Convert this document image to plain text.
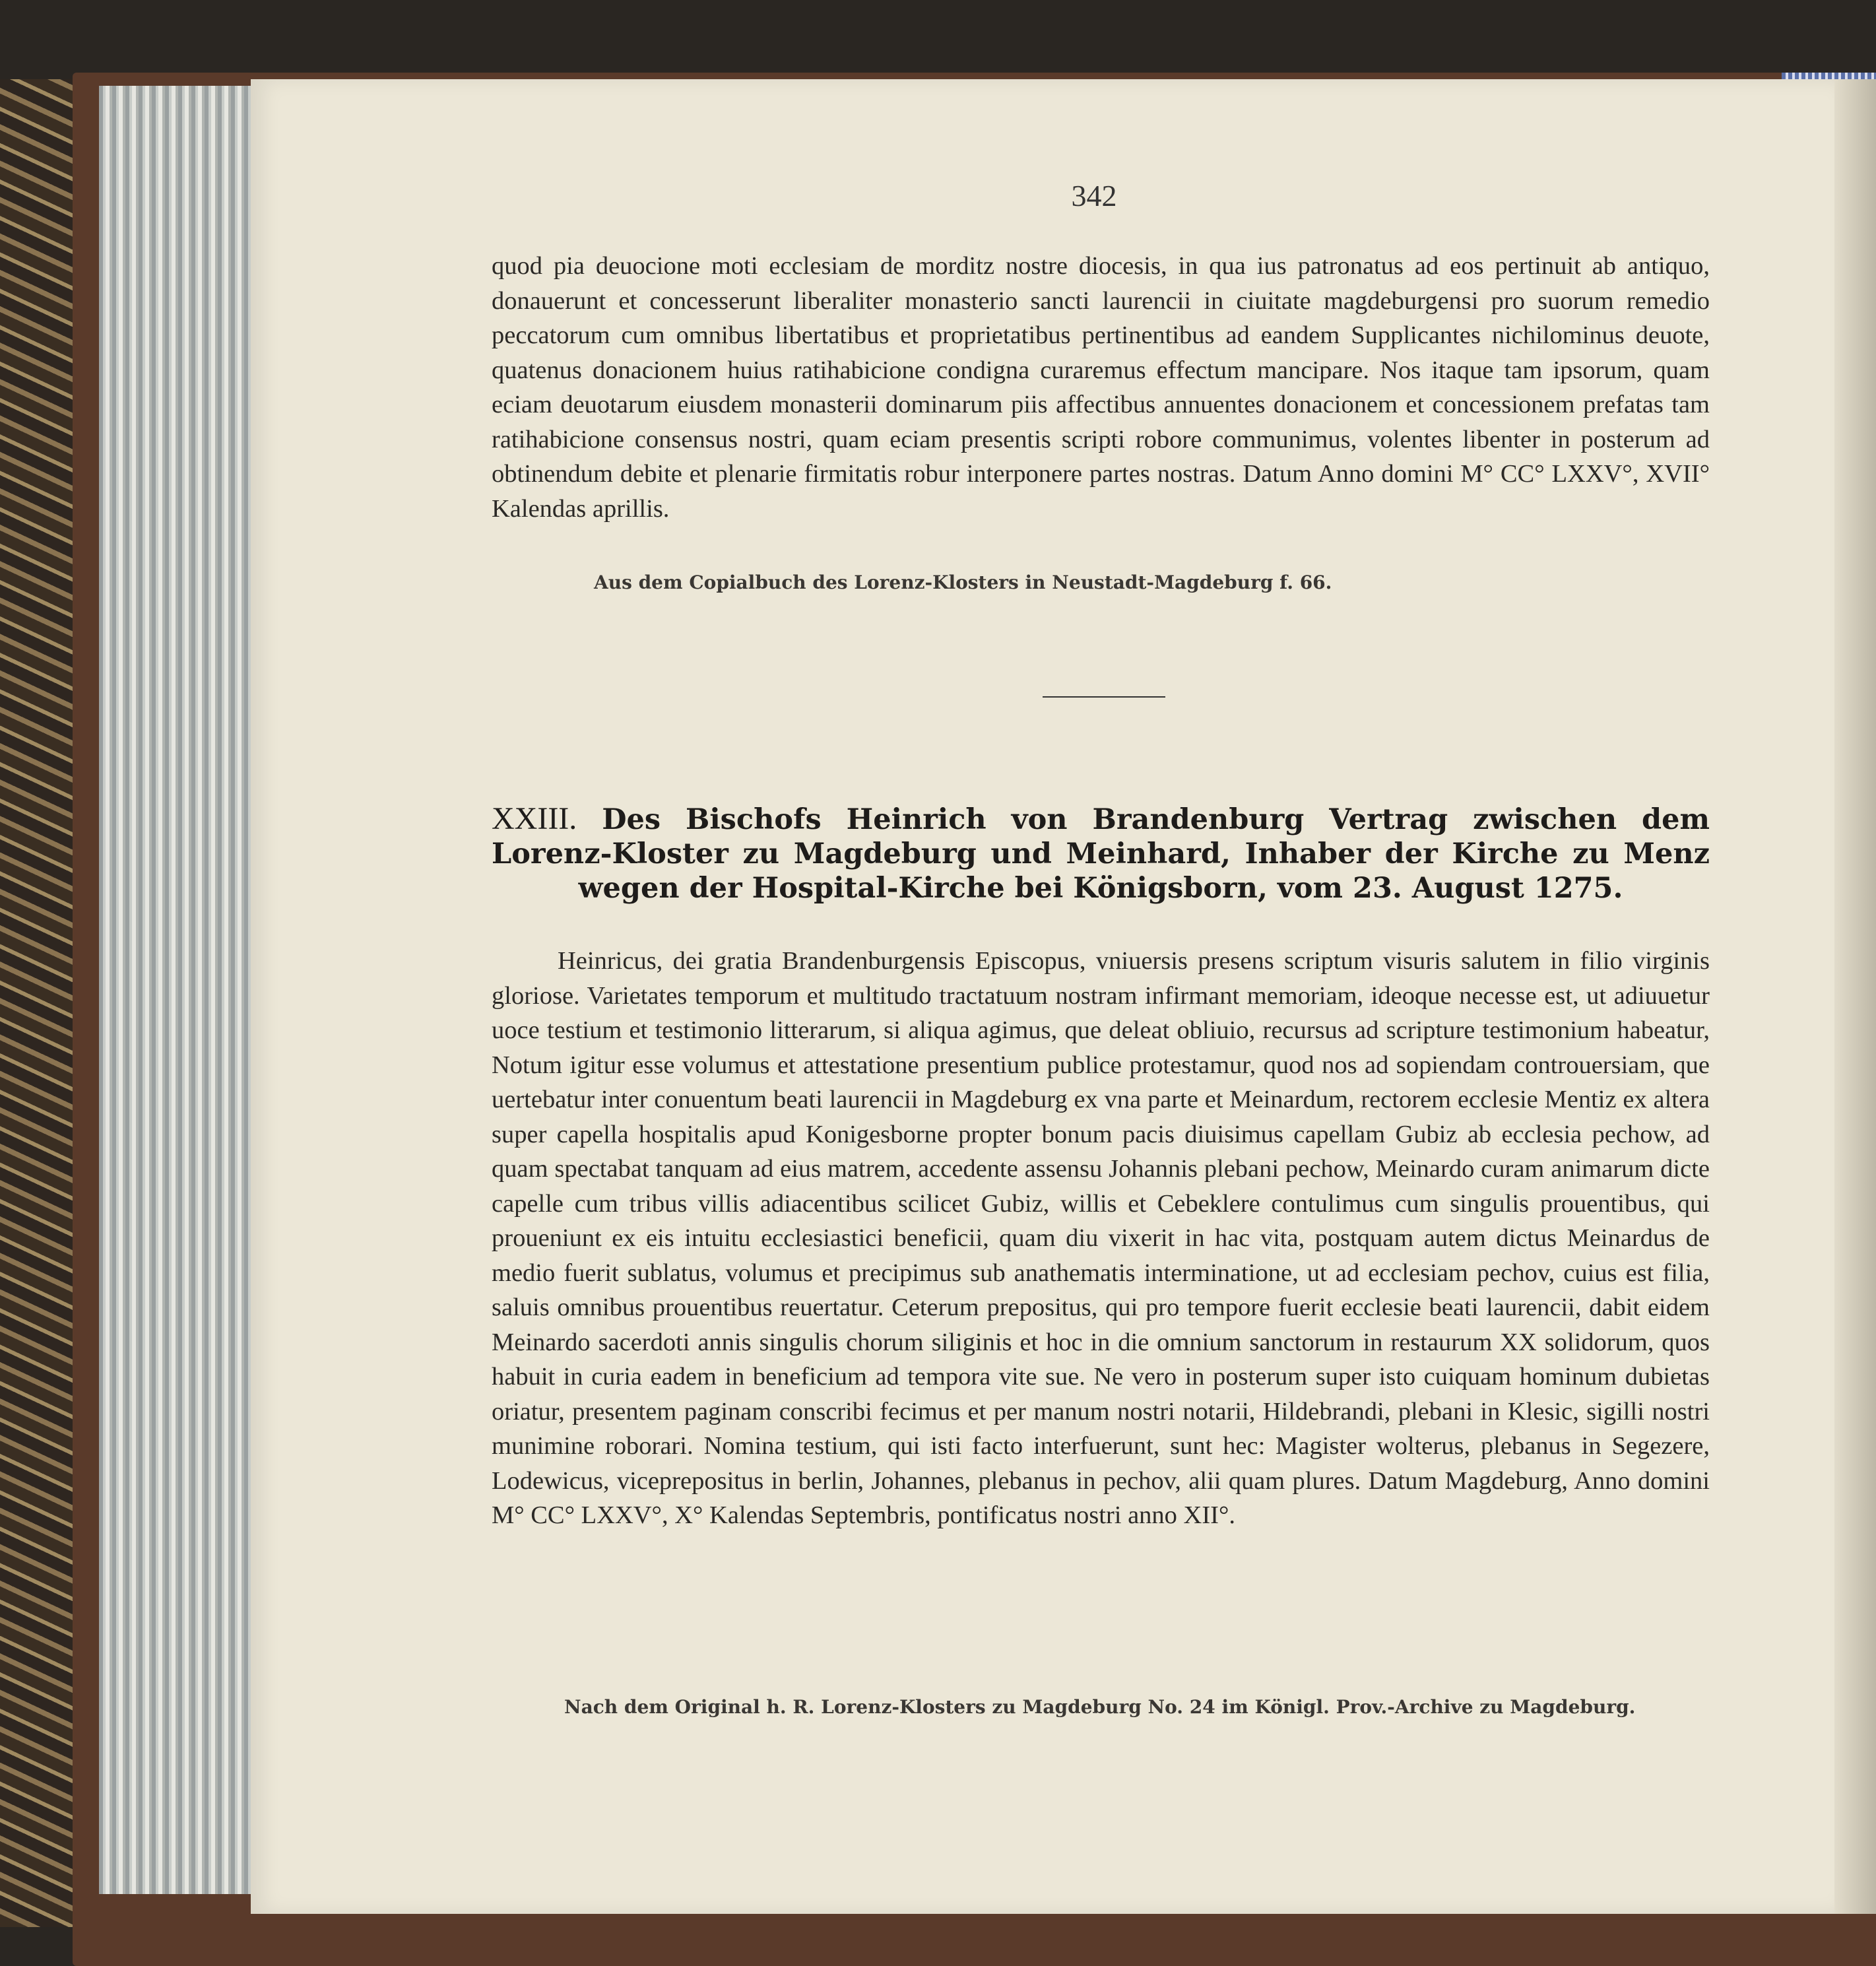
342

quod pia deuocione moti ecclesiam de morditz nostre diocesis, in qua ius patronatus ad eos pertinuit ab antiquo, donauerunt et concesserunt liberaliter monasterio sancti laurencii in ciuitate magdeburgensi pro suorum remedio peccatorum cum omnibus libertatibus et proprietatibus pertinentibus ad eandem Supplicantes nichilominus deuote, quatenus donacionem huius ratihabicione condigna curaremus effectum mancipare. Nos itaque tam ipsorum, quam eciam deuotarum eiusdem monasterii dominarum piis affectibus annuentes donacionem et concessionem prefatas tam ratihabicione consensus nostri, quam eciam presentis scripti robore communimus, volentes libenter in posterum ad obtinendum debite et plenarie firmitatis robur interponere partes nostras. Datum Anno domini M° CC° LXXV°, XVII° Kalendas aprillis.

Aus dem Copialbuch des Lorenz-Klosters in Neustadt-Magdeburg f. 66.
XXIII. Des Bischofs Heinrich von Brandenburg Vertrag zwischen dem Lorenz-Kloster zu Magdeburg und Meinhard, Inhaber der Kirche zu Menz wegen der Hospital-Kirche bei Königsborn, vom 23. August 1275.

Heinricus, dei gratia Brandenburgensis Episcopus, vniuersis presens scriptum visuris salutem in filio virginis gloriose. Varietates temporum et multitudo tractatuum nostram infirmant memoriam, ideoque necesse est, ut adiuuetur uoce testium et testimonio litterarum, si aliqua agimus, que deleat obliuio, recursus ad scripture testimonium habeatur, Notum igitur esse volumus et attestatione presentium publice protestamur, quod nos ad sopiendam controuersiam, que uertebatur inter conuentum beati laurencii in Magdeburg ex vna parte et Meinardum, rectorem ecclesie Mentiz ex altera super capella hospitalis apud Konigesborne propter bonum pacis diuisimus capellam Gubiz ab ecclesia pechow, ad quam spectabat tanquam ad eius matrem, accedente assensu Johannis plebani pechow, Meinardo curam animarum dicte capelle cum tribus villis adiacentibus scilicet Gubiz, willis et Cebeklere contulimus cum singulis prouentibus, qui proueniunt ex eis intuitu ecclesiastici beneficii, quam diu vixerit in hac vita, postquam autem dictus Meinardus de medio fuerit sublatus, volumus et precipimus sub anathematis interminatione, ut ad ecclesiam pechov, cuius est filia, saluis omnibus prouentibus reuertatur. Ceterum prepositus, qui pro tempore fuerit ecclesie beati laurencii, dabit eidem Meinardo sacerdoti annis singulis chorum siliginis et hoc in die omnium sanctorum in restaurum XX solidorum, quos habuit in curia eadem in beneficium ad tempora vite sue. Ne vero in posterum super isto cuiquam hominum dubietas oriatur, presentem paginam conscribi fecimus et per manum nostri notarii, Hildebrandi, plebani in Klesic, sigilli nostri munimine roborari. Nomina testium, qui isti facto interfuerunt, sunt hec: Magister wolterus, plebanus in Segezere, Lodewicus, viceprepositus in berlin, Johannes, plebanus in pechov, alii quam plures. Datum Magdeburg, Anno domini M° CC° LXXV°, X° Kalendas Septembris, pontificatus nostri anno XII°.

Nach dem Original h. R. Lorenz-Klosters zu Magdeburg No. 24 im Königl. Prov.-Archive zu Magdeburg.
